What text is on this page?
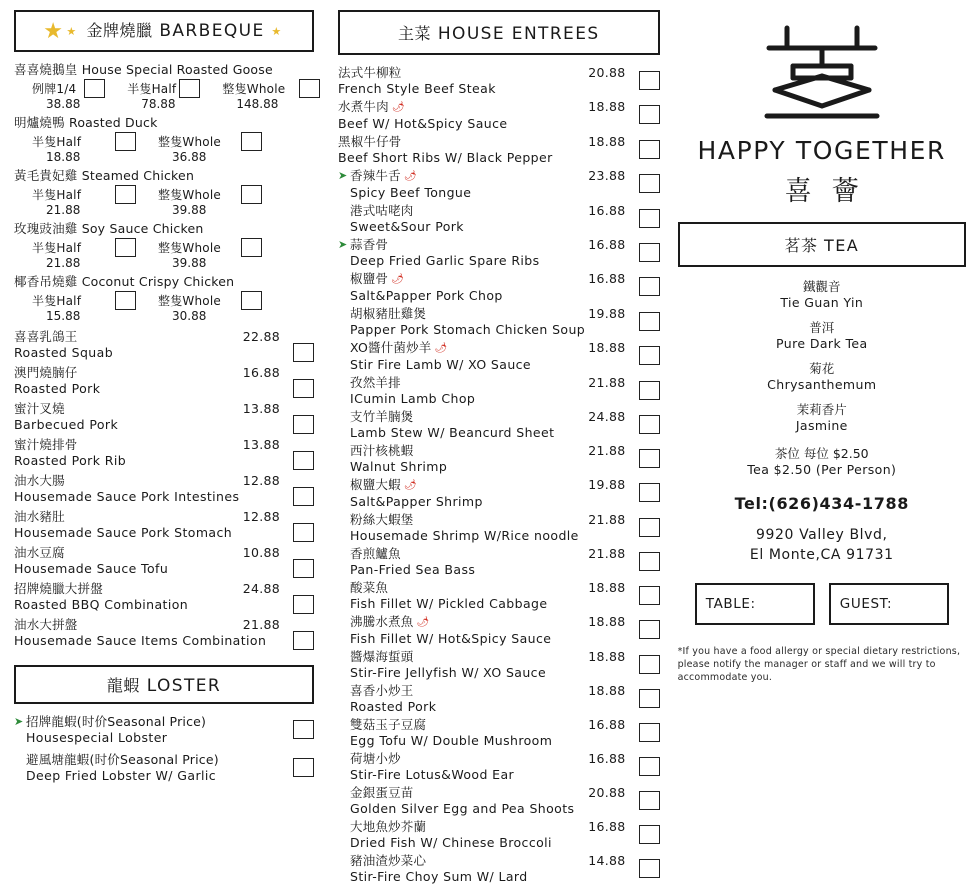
★ ★ 金牌燒臘 BARBEQUE ★
喜喜燒鵝皇 House Special Roasted Goose
例牌1/4
38.88
半隻Half
78.88
整隻Whole
148.88
明爐燒鴨 Roasted Duck
半隻Half
18.88
整隻Whole
36.88
黃毛貴妃雞 Steamed Chicken
半隻Half
21.88
整隻Whole
39.88
玫瑰豉油雞 Soy Sauce Chicken
半隻Half
21.88
整隻Whole
39.88
椰香吊燒雞 Coconut Crispy Chicken
半隻Half
15.88
整隻Whole
30.88
喜喜乳鴿王
Roasted Squab
22.88
澳門燒腩仔
Roasted Pork
16.88
蜜汁叉燒
Barbecued Pork
13.88
蜜汁燒排骨
Roasted Pork Rib
13.88
油水大腸
Housemade Sauce Pork Intestines
12.88
油水豬肚
Housemade Sauce Pork Stomach
12.88
油水豆腐
Housemade Sauce Tofu
10.88
招牌燒臘大拼盤
Roasted BBQ Combination
24.88
油水大拼盤
Housemade Sauce Items Combination
21.88
龍蝦 LOSTER
➤ 招牌龍蝦(时价Seasonal Price)
Housespecial Lobster
避風塘龍蝦(时价Seasonal Price)
Deep Fried Lobster W/ Garlic
主菜 HOUSE ENTREES
法式牛柳粒
French Style Beef Steak
20.88
水煮牛肉 🌶
Beef W/ Hot&Spicy Sauce
18.88
黑椒牛仔骨
Beef Short Ribs W/ Black Pepper
18.88
➤ 香辣牛舌 🌶
Spicy Beef Tongue
23.88
港式咕咾肉
Sweet&Sour Pork
16.88
➤ 蒜香骨
Deep Fried Garlic Spare Ribs
16.88
椒鹽骨 🌶
Salt&Papper Pork Chop
16.88
胡椒豬肚雞煲
Papper Pork Stomach Chicken Soup
19.88
XO醬什菌炒羊 🌶
Stir Fire Lamb W/ XO Sauce
18.88
孜然羊排
ICumin Lamb Chop
21.88
支竹羊腩煲
Lamb Stew W/ Beancurd Sheet
24.88
西汁核桃蝦
Walnut Shrimp
21.88
椒鹽大蝦 🌶
Salt&Papper Shrimp
19.88
粉絲大蝦堡
Housemade Shrimp W/Rice noodle
21.88
香煎鱸魚
Pan-Fried Sea Bass
21.88
酸菜魚
Fish Fillet W/ Pickled Cabbage
18.88
沸騰水煮魚 🌶
Fish Fillet W/ Hot&Spicy Sauce
18.88
醬爆海蜇頭
Stir-Fire Jellyfish W/ XO Sauce
18.88
喜香小炒王
Roasted Pork
18.88
雙菇玉子豆腐
Egg Tofu W/ Double Mushroom
16.88
荷塘小炒
Stir-Fire Lotus&Wood Ear
16.88
金銀蛋豆苗
Golden Silver Egg and Pea Shoots
20.88
大地魚炒芥蘭
Dried Fish W/ Chinese Broccoli
16.88
豬油渣炒菜心
Stir-Fire Choy Sum W/ Lard
14.88
HAPPY TOGETHER
喜薈
茗茶 TEA
鐵觀音
Tie Guan Yin
普洱
Pure Dark Tea
菊花
Chrysanthemum
茉莉香片
Jasmine
茶位 每位 $2.50
Tea $2.50 (Per Person)
Tel:(626)434-1788
9920 Valley Blvd,
El Monte,CA 91731
TABLE:	GUEST:
*If you have a food allergy or special dietary restrictions, please notify the manager or staff and we will try to accommodate you.
